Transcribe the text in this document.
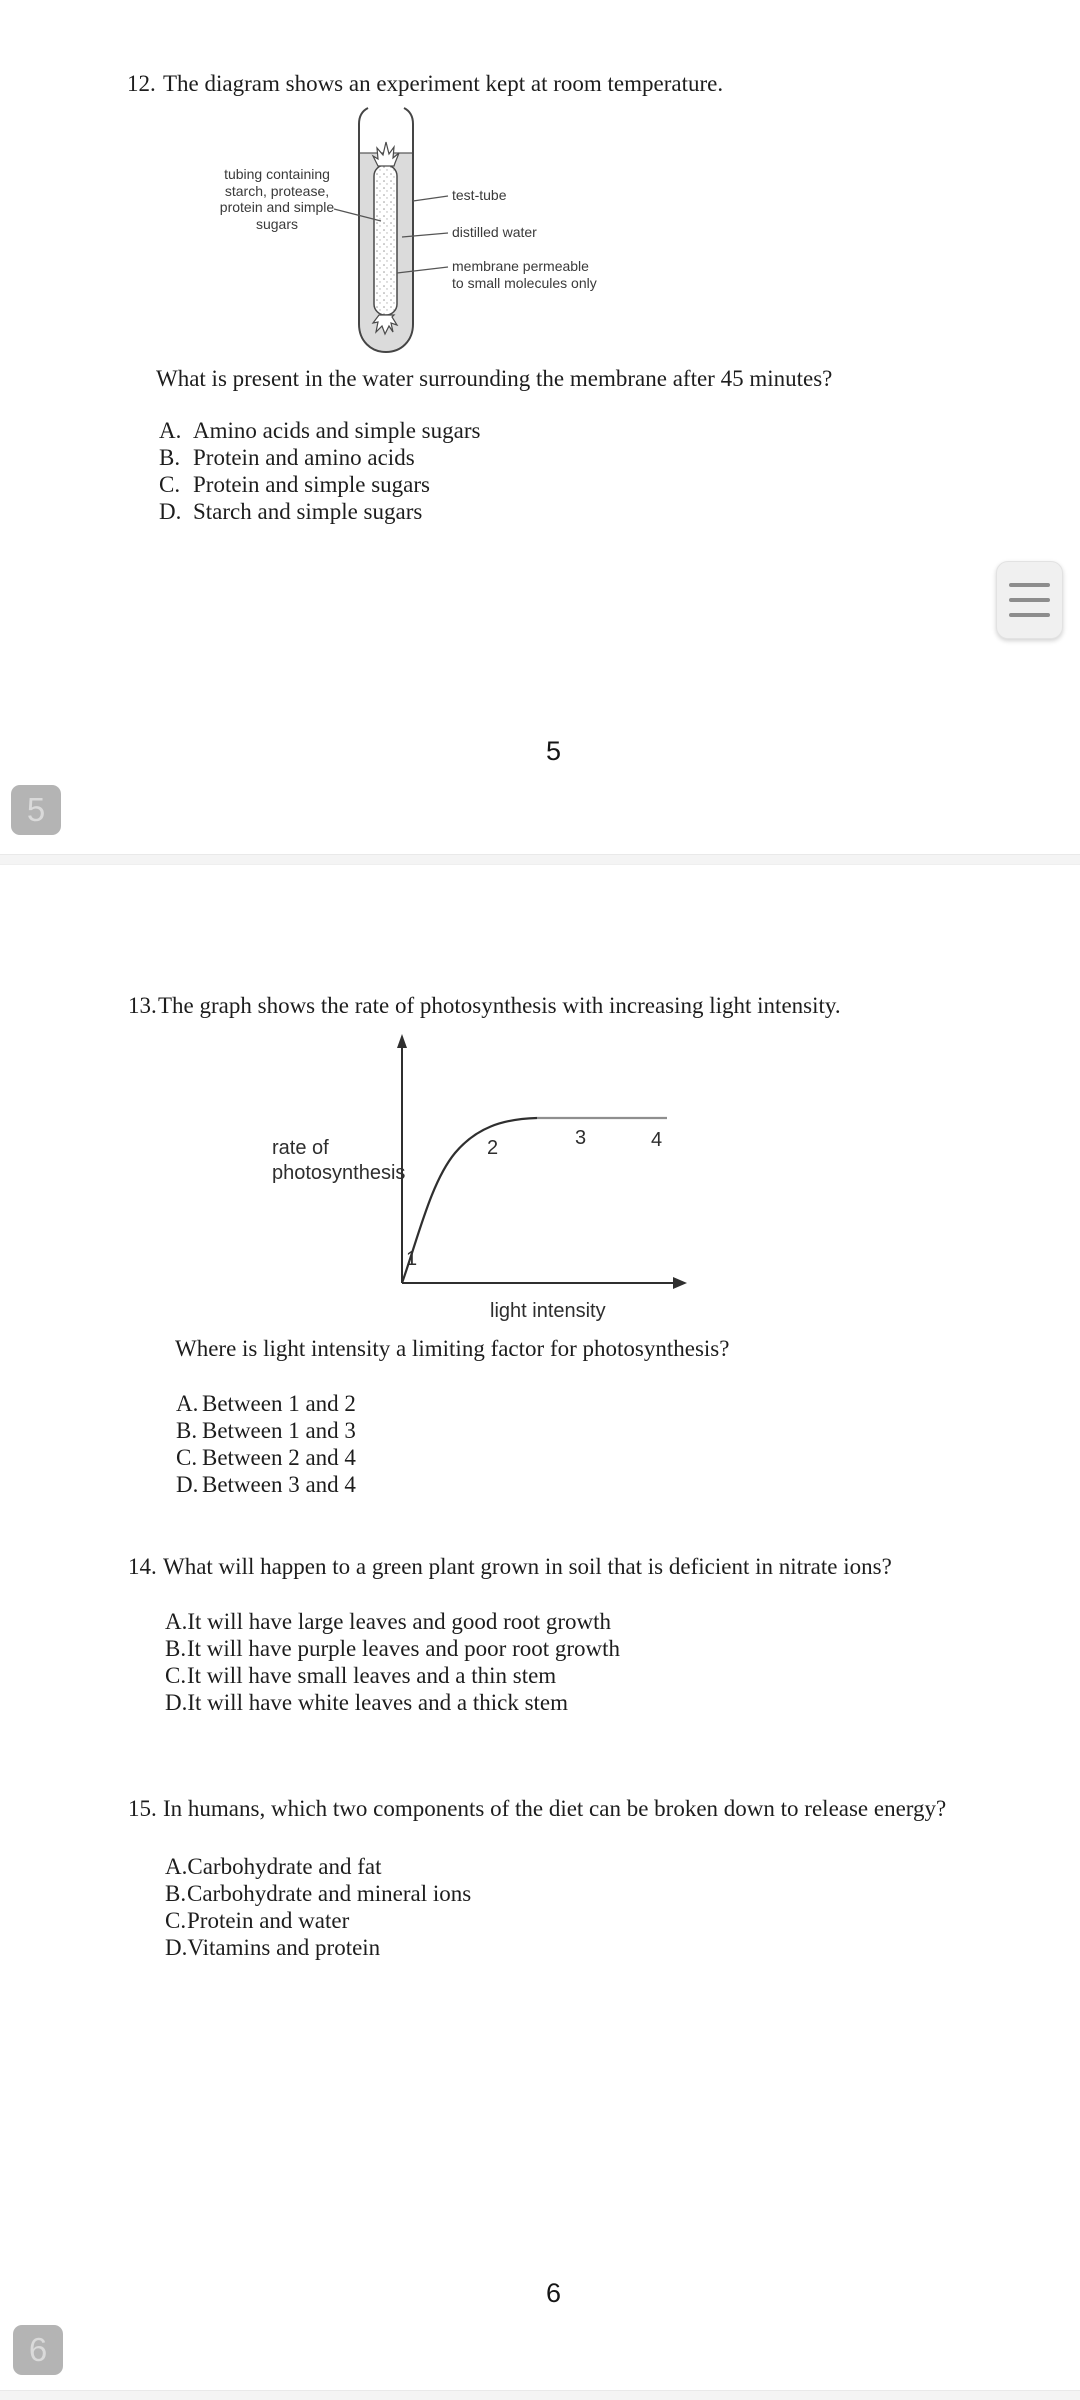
12. The diagram shows an experiment kept at room temperature.
tubing containing
starch, protease,
protein and simple
sugars
test-tube
distilled water
membrane permeable
to small molecules only
What is present in the water surrounding the membrane after 45 minutes?
A. Amino acids and simple sugars
B. Protein and amino acids
C. Protein and simple sugars
D. Starch and simple sugars
5
5
13.The graph shows the rate of photosynthesis with increasing light intensity.
1
2	3	4
rate of
photosynthesis
light intensity
Where is light intensity a limiting factor for photosynthesis?
A. Between 1 and 2
B. Between 1 and 3
C. Between 2 and 4
D. Between 3 and 4
14. What will happen to a green plant grown in soil that is deficient in nitrate ions?
A.It will have large leaves and good root growth
B.It will have purple leaves and poor root growth
C.It will have small leaves and a thin stem
D.It will have white leaves and a thick stem
15. In humans, which two components of the diet can be broken down to release energy?
A.Carbohydrate and fat
B.Carbohydrate and mineral ions
C.Protein and water
D.Vitamins and protein
6
6
